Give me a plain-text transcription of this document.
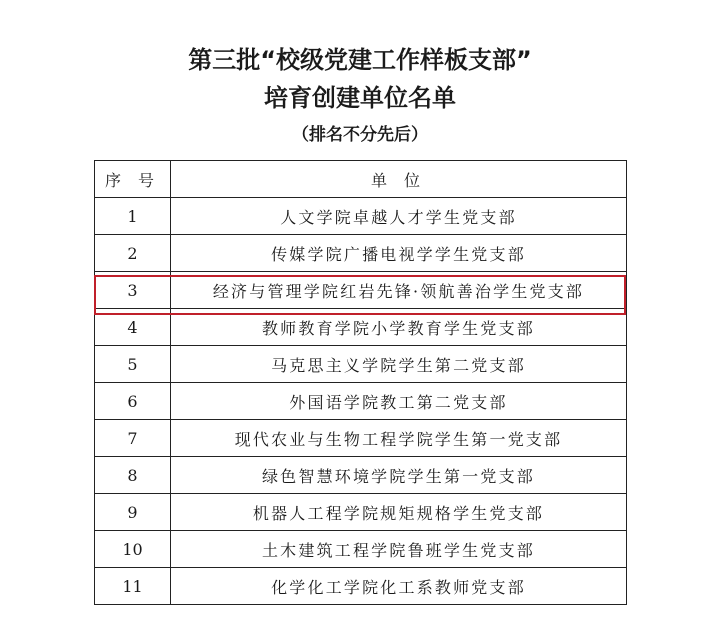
第三批“校级党建工作样板支部”
培育创建单位名单
（排名不分先后）
序 号	单 位
1	人文学院卓越人才学生党支部
2	传媒学院广播电视学学生党支部
3	经济与管理学院红岩先锋·领航善治学生党支部
4	教师教育学院小学教育学生党支部
5	马克思主义学院学生第二党支部
6	外国语学院教工第二党支部
7	现代农业与生物工程学院学生第一党支部
8	绿色智慧环境学院学生第一党支部
9	机器人工程学院规矩规格学生党支部
10	土木建筑工程学院鲁班学生党支部
11	化学化工学院化工系教师党支部
